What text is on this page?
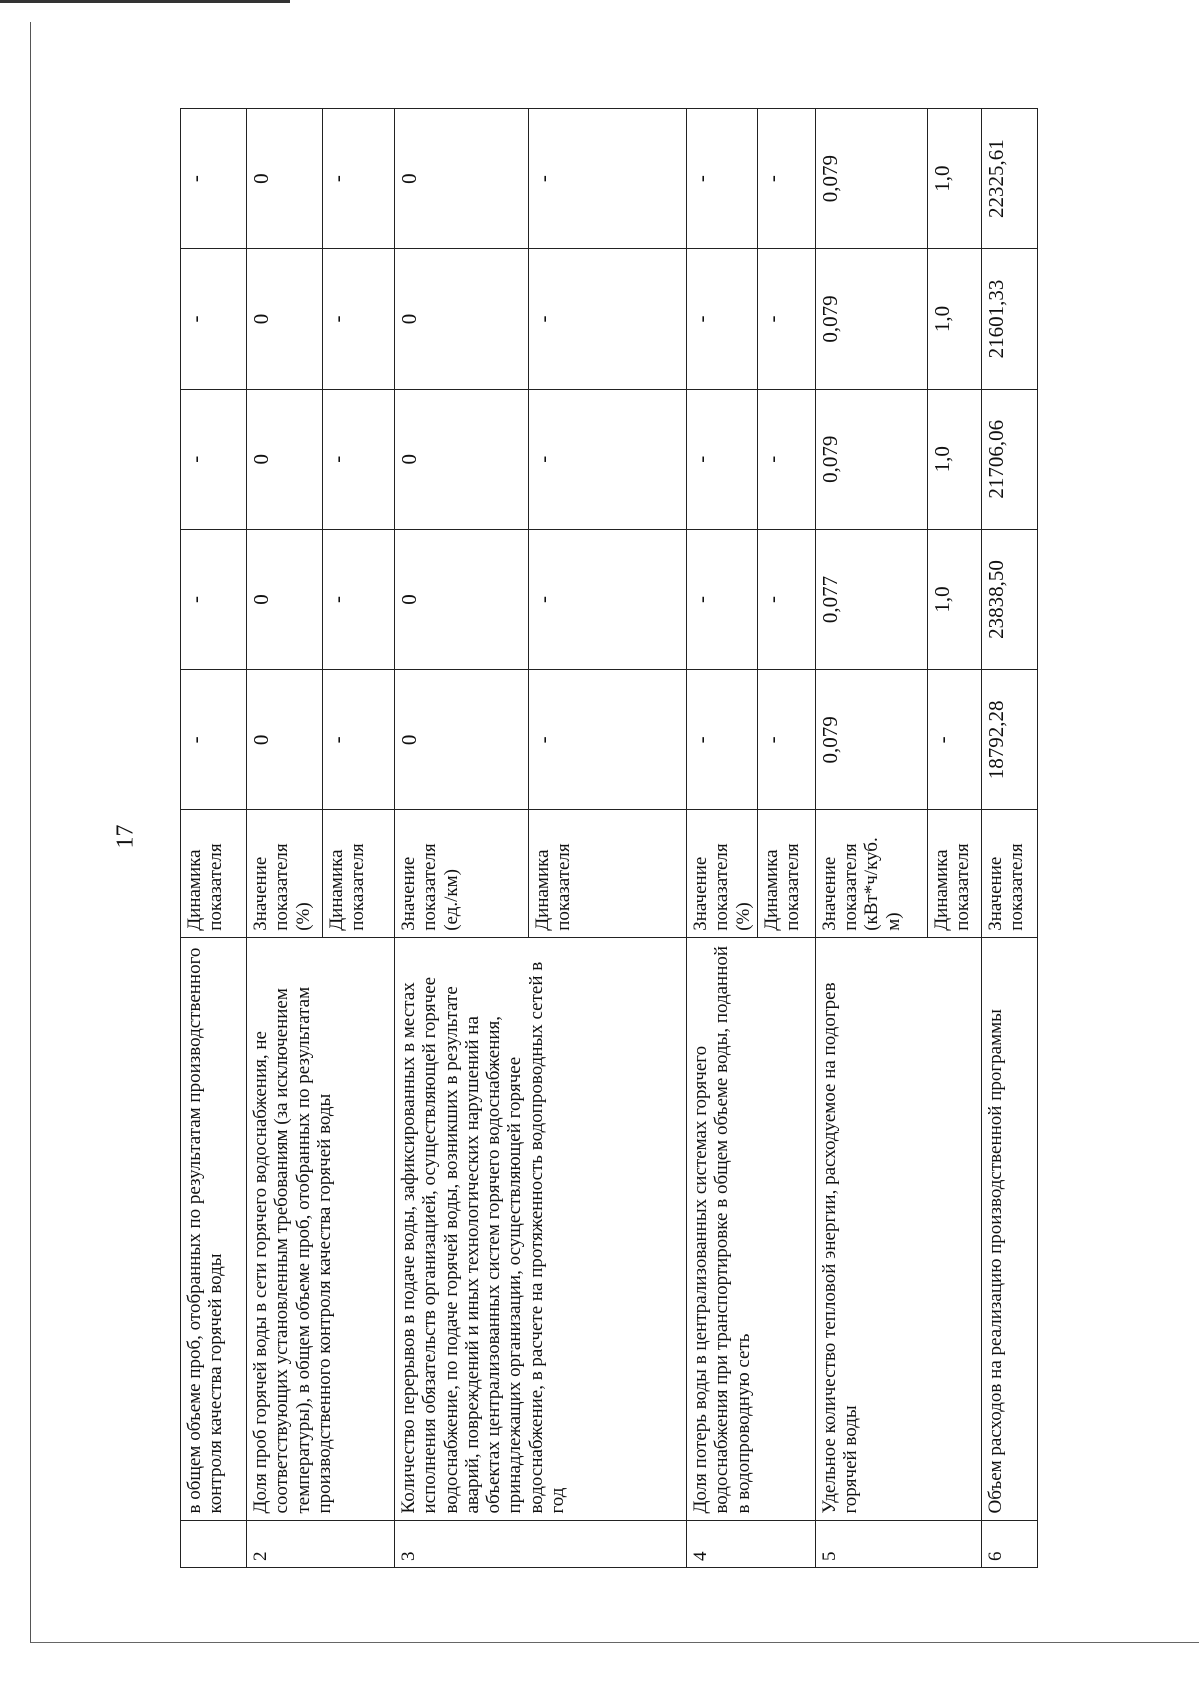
17
	в общем объеме проб, отобранных по результатам производственного контроля качества горячей воды	Динамика показателя	-	-	-	-	-
2	Доля проб горячей воды в сети горячего водоснабжения, не соответствующих установленным требованиям (за исключением температуры), в общем объеме проб, отобранных по результатам производственного контроля качества горячей воды	Значение показателя (%)	0	0	0	0	0
		Динамика показателя	-	-	-	-	-
3	Количество перерывов в подаче воды, зафиксированных в местах исполнения обязательств организацией, осуществляющей горячее водоснабжение, по подаче горячей воды, возникших в результате аварий, повреждений и иных технологических нарушений на объектах централизованных систем горячего водоснабжения, принадлежащих организации, осуществляющей горячее водоснабжение, в расчете на протяженность водопроводных сетей в год	Значение показателя (ед./км)	0	0	0	0	0
		Динамика показателя	-	-	-	-	-
4	Доля потерь воды в централизованных системах горячего водоснабжения при транспортировке в общем объеме воды, поданной в водопроводную сеть	Значение показателя (%)	-	-	-	-	-
		Динамика показателя	-	-	-	-	-
5	Удельное количество тепловой энергии, расходуемое на подогрев горячей воды	Значение показателя (кВт*ч/куб. м)	0,079	0,077	0,079	0,079	0,079
		Динамика показателя	-	1,0	1,0	1,0	1,0
6	Объем расходов на реализацию производственной программы	Значение показателя	18792,28	23838,50	21706,06	21601,33	22325,61
